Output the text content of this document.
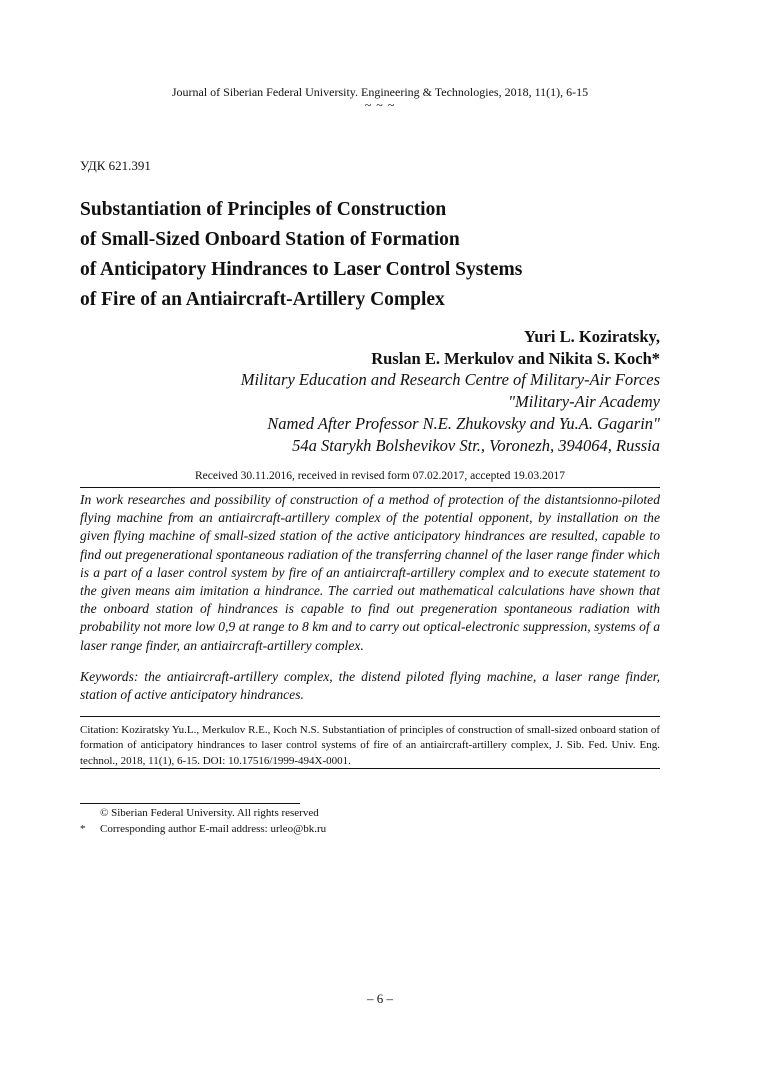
Journal of Siberian Federal University. Engineering & Technologies, 2018, 11(1), 6-15
~ ~ ~
УДК 621.391
Substantiation of Principles of Construction
of Small-Sized Onboard Station of Formation
of Anticipatory Hindrances to Laser Control Systems
of Fire of an Antiaircraft-Artillery Complex
Yuri L. Koziratsky,
Ruslan E. Merkulov and Nikita S. Koch*
Military Education and Research Centre of Military-Air Forces
"Military-Air Academy
Named After Professor N.E. Zhukovsky and Yu.A. Gagarin"
54a Starykh Bolshevikov Str., Voronezh, 394064, Russia
Received 30.11.2016, received in revised form 07.02.2017, accepted 19.03.2017

In work researches and possibility of construction of a method of protection of the distantsionno-piloted flying machine from an antiaircraft-artillery complex of the potential opponent, by installation on the given flying machine of small-sized station of the active anticipatory hindrances are resulted, capable to find out pregenerational spontaneous radiation of the transferring channel of the laser range finder which is a part of a laser control system by fire of an antiaircraft-artillery complex and to execute statement to the given means aim imitation a hindrance. The carried out mathematical calculations have shown that the onboard station of hindrances is capable to find out pregeneration spontaneous radiation with probability not more low 0,9 at range to 8 km and to carry out optical-electronic suppression, systems of a laser range finder, an antiaircraft-artillery complex.

Keywords: the antiaircraft-artillery complex, the distend piloted flying machine, a laser range finder, station of active anticipatory hindrances.

Citation: Koziratsky Yu.L., Merkulov R.E., Koch N.S. Substantiation of principles of construction of small-sized onboard station of formation of anticipatory hindrances to laser control systems of fire of an antiaircraft-artillery complex, J. Sib. Fed. Univ. Eng. technol., 2018, 11(1), 6-15. DOI: 10.17516/1999-494X-0001.

© Siberian Federal University. All rights reserved
*	Corresponding author E-mail address: urleo@bk.ru
– 6 –
